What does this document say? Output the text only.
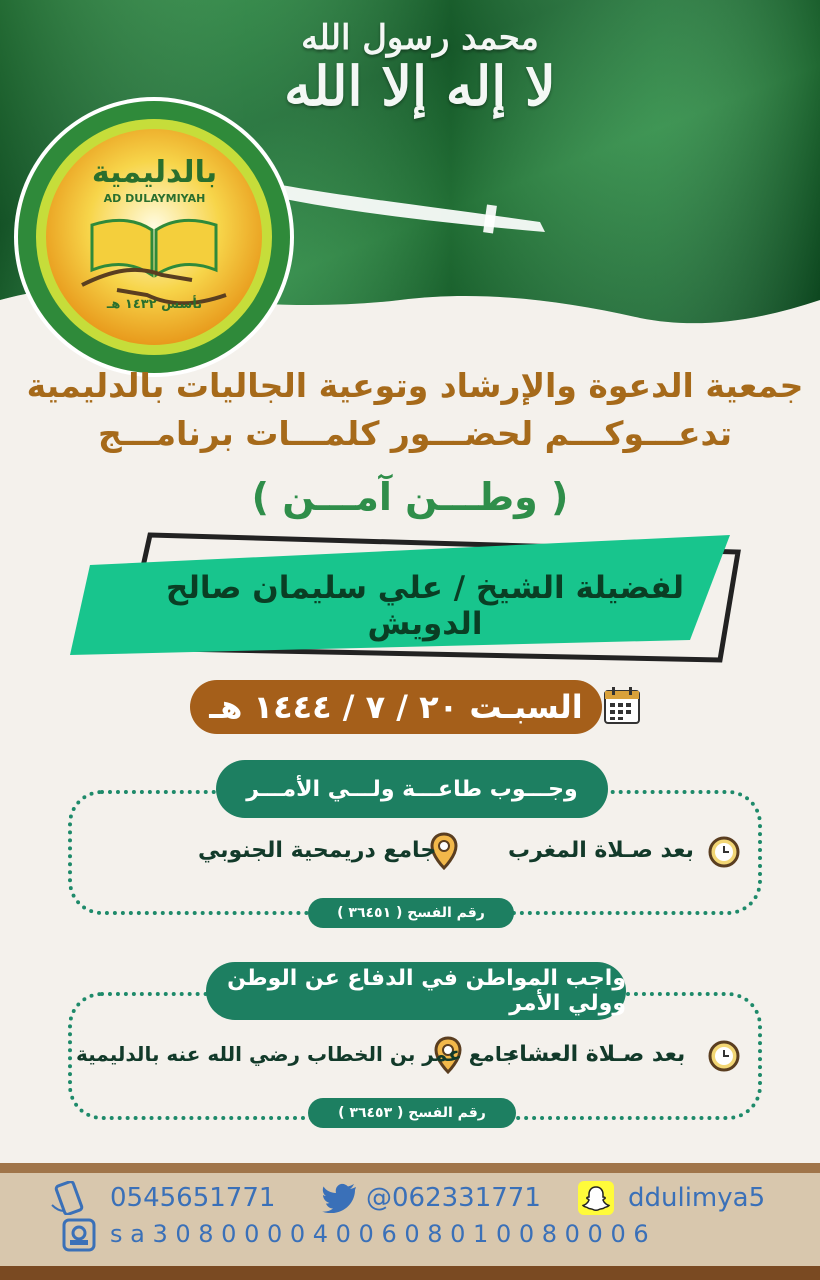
محمد رسول الله
لا إله إلا الله
بالدليمية
AD DULAYMIYAH
تأسس ١٤٣٢ هـ
جمعية الدعوة والإرشاد وتوعية الجاليات بالدليمية
تدعـــوكـــم لحضـــور كلمـــات برنامـــج
( وطـــن آمـــن )
لفضيلة الشيخ / علي سليمان صالح الدويش
السبـت ٢٠ / ٧ / ١٤٤٤ هـ
وجـــوب طاعـــة ولـــي الأمـــر
بعد صـلاة المغرب
جامع دريمحية الجنوبي
رقم الفسح ( ٣٦٤٥١ )
واجب المواطن في الدفاع عن الوطن وولي الأمر
بعد صـلاة العشاء
جامع عمر بن الخطاب رضي الله عنه بالدليمية
رقم الفسح ( ٣٦٤٥٣ )
0545651771	@062331771	ddulimya5
s a 3 0 8 0 0 0 0 4 0 0 6 0 8 0 1 0 0 8 0 0 0 6
